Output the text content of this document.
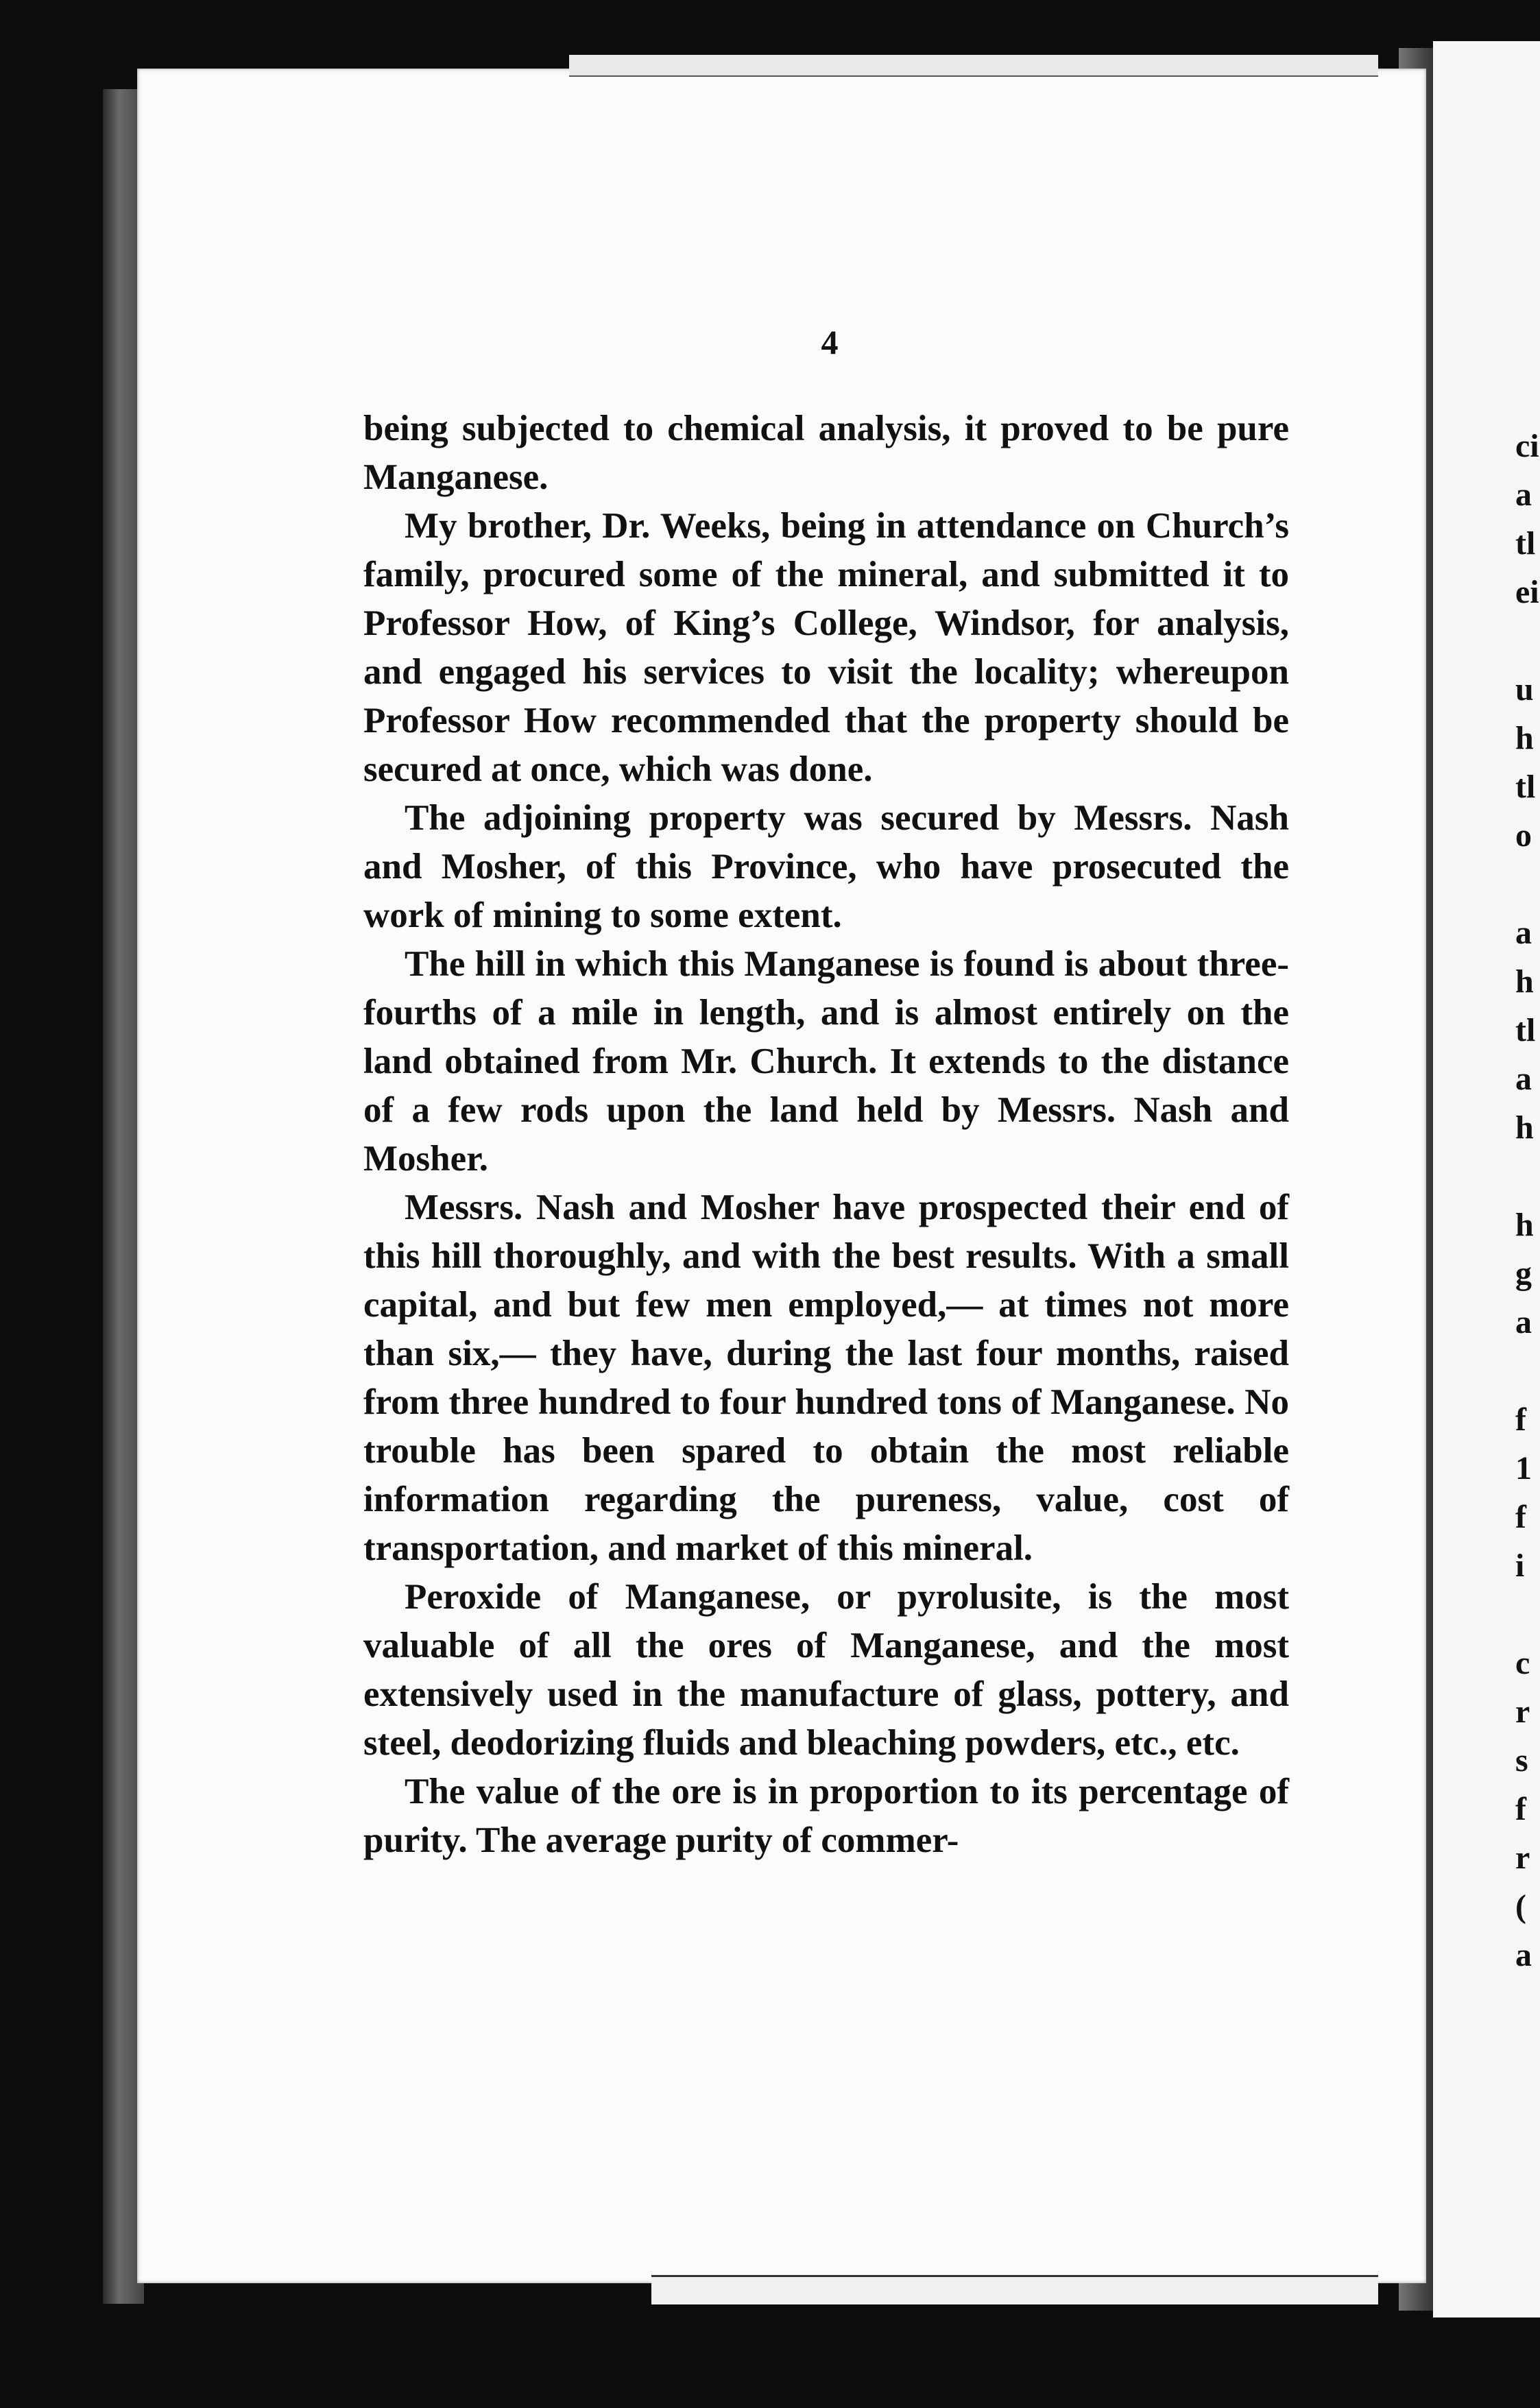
4

being subjected to chemical analysis, it proved to be pure Manganese.

My brother, Dr. Weeks, being in attendance on Church’s family, procured some of the mineral, and submitted it to Professor How, of King’s College, Windsor, for analysis, and engaged his services to visit the locality; whereupon Professor How recommended that the property should be secured at once, which was done.

The adjoining property was secured by Messrs. Nash and Mosher, of this Province, who have prosecuted the work of mining to some extent.

The hill in which this Manganese is found is about three-fourths of a mile in length, and is almost entirely on the land obtained from Mr. Church. It extends to the distance of a few rods upon the land held by Messrs. Nash and Mosher.

Messrs. Nash and Mosher have prospected their end of this hill thoroughly, and with the best results. With a small capital, and but few men employed,— at times not more than six,— they have, during the last four months, raised from three hundred to four hundred tons of Manganese. No trouble has been spared to obtain the most reliable information regarding the pureness, value, cost of transportation, and market of this mineral.

Peroxide of Manganese, or pyrolusite, is the most valuable of all the ores of Manganese, and the most extensively used in the manufacture of glass, pottery, and steel, deodorizing fluids and bleaching powders, etc., etc.

The value of the ore is in proportion to its percentage of purity. The average purity of commer-

ci
a
tl
ei
u
h
tl
o
a
h
tl
a
h
h
g
a
f
1
f
i
c
r
s
f
r
(
a
